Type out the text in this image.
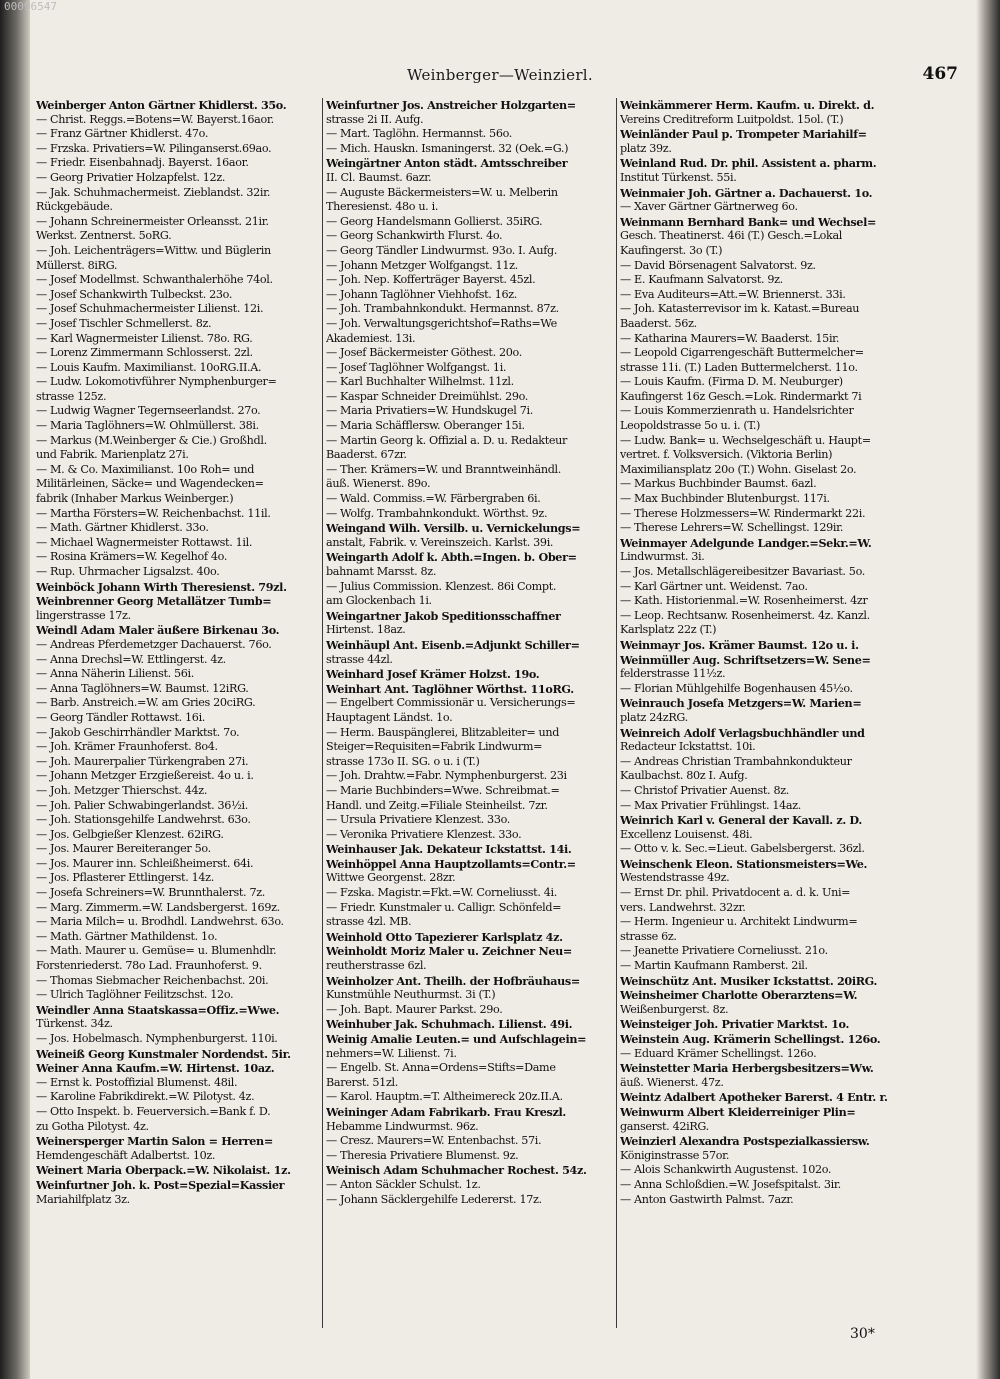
00096547
Weinberger—Weinzierl.	467
Weinberger Anton Gärtner Khidlerst. 35o.
— Christ. Reggs.=Botens=W. Bayerst.16aor.
— Franz Gärtner Khidlerst. 47o.
— Frzska. Privatiers=W. Pilinganserst.69ao.
— Friedr. Eisenbahnadj. Bayerst. 16aor.
— Georg Privatier Holzapfelst. 12z.
— Jak. Schuhmachermeist. Zieblandst. 32ir.
Rückgebäude.
— Johann Schreinermeister Orleansst. 21ir.
Werkst. Zentnerst. 5oRG.
— Joh. Leichenträgers=Wittw. und Büglerin
Müllerst. 8iRG.
— Josef Modellmst. Schwanthalerhöhe 74ol.
— Josef Schankwirth Tulbeckst. 23o.
— Josef Schuhmachermeister Lilienst. 12i.
— Josef Tischler Schmellerst. 8z.
— Karl Wagnermeister Lilienst. 78o. RG.
— Lorenz Zimmermann Schlosserst. 2zl.
— Louis Kaufm. Maximilianst. 10oRG.II.A.
— Ludw. Lokomotivführer Nymphenburger=
strasse 125z.
— Ludwig Wagner Tegernseerlandst. 27o.
— Maria Taglöhners=W. Ohlmüllerst. 38i.
— Markus (M.Weinberger & Cie.) Großhdl.
und Fabrik. Marienplatz 27i.
— M. & Co. Maximilianst. 10o Roh= und
Militärleinen, Säcke= und Wagendecken=
fabrik (Inhaber Markus Weinberger.)
— Martha Försters=W. Reichenbachst. 11il.
— Math. Gärtner Khidlerst. 33o.
— Michael Wagnermeister Rottawst. 1il.
— Rosina Krämers=W. Kegelhof 4o.
— Rup. Uhrmacher Ligsalzst. 40o.
Weinböck Johann Wirth Theresienst. 79zl.
Weinbrenner Georg Metallätzer Tumb=
lingerstrasse 17z.
Weindl Adam Maler äußere Birkenau 3o.
— Andreas Pferdemetzger Dachauerst. 76o.
— Anna Drechsl=W. Ettlingerst. 4z.
— Anna Näherin Lilienst. 56i.
— Anna Taglöhners=W. Baumst. 12iRG.
— Barb. Anstreich.=W. am Gries 20ciRG.
— Georg Tändler Rottawst. 16i.
— Jakob Geschirrhändler Marktst. 7o.
— Joh. Krämer Fraunhoferst. 8o4.
— Joh. Maurerpalier Türkengraben 27i.
— Johann Metzger Erzgießereist. 4o u. i.
— Joh. Metzger Thierschst. 44z.
— Joh. Palier Schwabingerlandst. 36½i.
— Joh. Stationsgehilfe Landwehrst. 63o.
— Jos. Gelbgießer Klenzest. 62iRG.
— Jos. Maurer Bereiteranger 5o.
— Jos. Maurer inn. Schleißheimerst. 64i.
— Jos. Pflasterer Ettlingerst. 14z.
— Josefa Schreiners=W. Brunnthalerst. 7z.
— Marg. Zimmerm.=W. Landsbergerst. 169z.
— Maria Milch= u. Brodhdl. Landwehrst. 63o.
— Math. Gärtner Mathildenst. 1o.
— Math. Maurer u. Gemüse= u. Blumenhdlr.
Forstenriederst. 78o Lad. Fraunhoferst. 9.
— Thomas Siebmacher Reichenbachst. 20i.
— Ulrich Taglöhner Feilitzschst. 12o.
Weindler Anna Staatskassa=Offiz.=Wwe.
Türkenst. 34z.
— Jos. Hobelmasch. Nymphenburgerst. 110i.
Weineiß Georg Kunstmaler Nordendst. 5ir.
Weiner Anna Kaufm.=W. Hirtenst. 10az.
— Ernst k. Postoffizial Blumenst. 48il.
— Karoline Fabrikdirekt.=W. Pilotyst. 4z.
— Otto Inspekt. b. Feuerversich.=Bank f. D.
zu Gotha Pilotyst. 4z.
Weinersperger Martin Salon = Herren=
Hemdengeschäft Adalbertst. 10z.
Weinert Maria Oberpack.=W. Nikolaist. 1z.
Weinfurtner Joh. k. Post=Spezial=Kassier
Mariahilfplatz 3z.
Weinfurtner Jos. Anstreicher Holzgarten=
strasse 2i II. Aufg.
— Mart. Taglöhn. Hermannst. 56o.
— Mich. Hauskn. Ismaningerst. 32 (Oek.=G.)
Weingärtner Anton städt. Amtsschreiber
II. Cl. Baumst. 6azr.
— Auguste Bäckermeisters=W. u. Melberin
Theresienst. 48o u. i.
— Georg Handelsmann Gollierst. 35iRG.
— Georg Schankwirth Flurst. 4o.
— Georg Tändler Lindwurmst. 93o. I. Aufg.
— Johann Metzger Wolfgangst. 11z.
— Joh. Nep. Kofferträger Bayerst. 45zl.
— Johann Taglöhner Viehhofst. 16z.
— Joh. Trambahnkondukt. Hermannst. 87z.
— Joh. Verwaltungsgerichtshof=Raths=We
Akademiest. 13i.
— Josef Bäckermeister Göthest. 20o.
— Josef Taglöhner Wolfgangst. 1i.
— Karl Buchhalter Wilhelmst. 11zl.
— Kaspar Schneider Dreimühlst. 29o.
— Maria Privatiers=W. Hundskugel 7i.
— Maria Schäfflersw. Oberanger 15i.
— Martin Georg k. Offizial a. D. u. Redakteur
Baaderst. 67zr.
— Ther. Krämers=W. und Branntweinhändl.
äuß. Wienerst. 89o.
— Wald. Commiss.=W. Färbergraben 6i.
— Wolfg. Trambahnkondukt. Wörthst. 9z.
Weingand Wilh. Versilb. u. Vernickelungs=
anstalt, Fabrik. v. Vereinszeich. Karlst. 39i.
Weingarth Adolf k. Abth.=Ingen. b. Ober=
bahnamt Marsst. 8z.
— Julius Commission. Klenzest. 86i Compt.
am Glockenbach 1i.
Weingartner Jakob Speditionsschaffner
Hirtenst. 18az.
Weinhäupl Ant. Eisenb.=Adjunkt Schiller=
strasse 44zl.
Weinhard Josef Krämer Holzst. 19o.
Weinhart Ant. Taglöhner Wörthst. 11oRG.
— Engelbert Commissionär u. Versicherungs=
Hauptagent Ländst. 1o.
— Herm. Bauspänglerei, Blitzableiter= und
Steiger=Requisiten=Fabrik Lindwurm=
strasse 173o II. SG. o u. i (T.)
— Joh. Drahtw.=Fabr. Nymphenburgerst. 23i
— Marie Buchbinders=Wwe. Schreibmat.=
Handl. und Zeitg.=Filiale Steinheilst. 7zr.
— Ursula Privatiere Klenzest. 33o.
— Veronika Privatiere Klenzest. 33o.
Weinhauser Jak. Dekateur Ickstattst. 14i.
Weinhöppel Anna Hauptzollamts=Contr.=
Wittwe Georgenst. 28zr.
— Fzska. Magistr.=Fkt.=W. Corneliusst. 4i.
— Friedr. Kunstmaler u. Calligr. Schönfeld=
strasse 4zl. MB.
Weinhold Otto Tapezierer Karlsplatz 4z.
Weinholdt Moriz Maler u. Zeichner Neu=
reutherstrasse 6zl.
Weinholzer Ant. Theilh. der Hofbräuhaus=
Kunstmühle Neuthurmst. 3i (T.)
— Joh. Bapt. Maurer Parkst. 29o.
Weinhuber Jak. Schuhmach. Lilienst. 49i.
Weinig Amalie Leuten.= und Aufschlagein=
nehmers=W. Lilienst. 7i.
— Engelb. St. Anna=Ordens=Stifts=Dame
Barerst. 51zl.
— Karol. Hauptm.=T. Altheimereck 20z.II.A.
Weininger Adam Fabrikarb. Frau Kreszl.
Hebamme Lindwurmst. 96z.
— Cresz. Maurers=W. Entenbachst. 57i.
— Theresia Privatiere Blumenst. 9z.
Weinisch Adam Schuhmacher Rochest. 54z.
— Anton Säckler Schulst. 1z.
— Johann Säcklergehilfe Ledererst. 17z.
Weinkämmerer Herm. Kaufm. u. Direkt. d.
Vereins Creditreform Luitpoldst. 15ol. (T.)
Weinländer Paul p. Trompeter Mariahilf=
platz 39z.
Weinland Rud. Dr. phil. Assistent a. pharm.
Institut Türkenst. 55i.
Weinmaier Joh. Gärtner a. Dachauerst. 1o.
— Xaver Gärtner Gärtnerweg 6o.
Weinmann Bernhard Bank= und Wechsel=
Gesch. Theatinerst. 46i (T.) Gesch.=Lokal
Kaufingerst. 3o (T.)
— David Börsenagent Salvatorst. 9z.
— E. Kaufmann Salvatorst. 9z.
— Eva Auditeurs=Att.=W. Briennerst. 33i.
— Joh. Katasterrevisor im k. Katast.=Bureau
Baaderst. 56z.
— Katharina Maurers=W. Baaderst. 15ir.
— Leopold Cigarrengeschäft Buttermelcher=
strasse 11i. (T.) Laden Buttermelcherst. 11o.
— Louis Kaufm. (Firma D. M. Neuburger)
Kaufingerst 16z Gesch.=Lok. Rindermarkt 7i
— Louis Kommerzienrath u. Handelsrichter
Leopoldstrasse 5o u. i. (T.)
— Ludw. Bank= u. Wechselgeschäft u. Haupt=
vertret. f. Volksversich. (Viktoria Berlin)
Maximiliansplatz 20o (T.) Wohn. Giselast 2o.
— Markus Buchbinder Baumst. 6azl.
— Max Buchbinder Blutenburgst. 117i.
— Therese Holzmessers=W. Rindermarkt 22i.
— Therese Lehrers=W. Schellingst. 129ir.
Weinmayer Adelgunde Landger.=Sekr.=W.
Lindwurmst. 3i.
— Jos. Metallschlägereibesitzer Bavariast. 5o.
— Karl Gärtner unt. Weidenst. 7ao.
— Kath. Historienmal.=W. Rosenheimerst. 4zr
— Leop. Rechtsanw. Rosenheimerst. 4z. Kanzl.
Karlsplatz 22z (T.)
Weinmayr Jos. Krämer Baumst. 12o u. i.
Weinmüller Aug. Schriftsetzers=W. Sene=
felderstrasse 11½z.
— Florian Mühlgehilfe Bogenhausen 45½o.
Weinrauch Josefa Metzgers=W. Marien=
platz 24zRG.
Weinreich Adolf Verlagsbuchhändler und
Redacteur Ickstattst. 10i.
— Andreas Christian Trambahnkondukteur
Kaulbachst. 80z I. Aufg.
— Christof Privatier Auenst. 8z.
— Max Privatier Frühlingst. 14az.
Weinrich Karl v. General der Kavall. z. D.
Excellenz Louisenst. 48i.
— Otto v. k. Sec.=Lieut. Gabelsbergerst. 36zl.
Weinschenk Eleon. Stationsmeisters=We.
Westendstrasse 49z.
— Ernst Dr. phil. Privatdocent a. d. k. Uni=
vers. Landwehrst. 32zr.
— Herm. Ingenieur u. Architekt Lindwurm=
strasse 6z.
— Jeanette Privatiere Corneliusst. 21o.
— Martin Kaufmann Ramberst. 2il.
Weinschütz Ant. Musiker Ickstattst. 20iRG.
Weinsheimer Charlotte Oberarztens=W.
Weißenburgerst. 8z.
Weinsteiger Joh. Privatier Marktst. 1o.
Weinstein Aug. Krämerin Schellingst. 126o.
— Eduard Krämer Schellingst. 126o.
Weinstetter Maria Herbergsbesitzers=Ww.
äuß. Wienerst. 47z.
Weintz Adalbert Apotheker Barerst. 4 Entr. r.
Weinwurm Albert Kleiderreiniger Plin=
ganserst. 42iRG.
Weinzierl Alexandra Postspezialkassiersw.
Königinstrasse 57or.
— Alois Schankwirth Augustenst. 102o.
— Anna Schloßdien.=W. Josefspitalst. 3ir.
— Anton Gastwirth Palmst. 7azr.
30*
